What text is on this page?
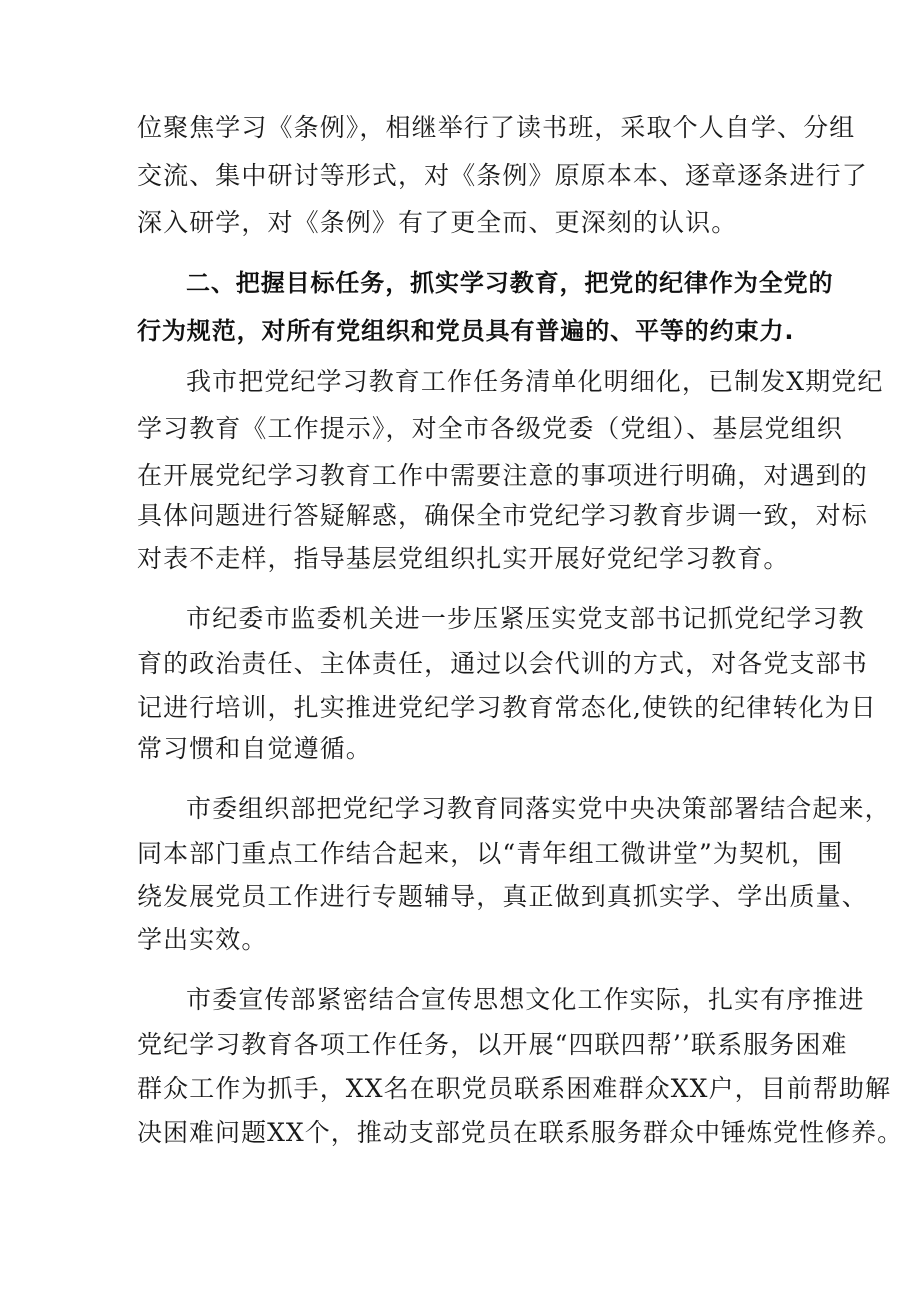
位聚焦学习《条例》，相继举行了读书班，采取个人自学、分组
交流、集中研讨等形式，对《条例》原原本本、逐章逐条进行了
深入研学，对《条例》有了更全而、更深刻的认识。
二、把握目标任务，抓实学习教育，把党的纪律作为全党的
行为规范，对所有党组织和党员具有普遍的、平等的约束力.
我市把党纪学习教育工作任务清单化明细化，已制发X期党纪
学习教育《工作提示》，对全市各级党委（党组）、基层党组织
在开展党纪学习教育工作中需要注意的事项进行明确，对遇到的
具体问题进行答疑解惑，确保全市党纪学习教育步调一致，对标
对表不走样，指导基层党组织扎实开展好党纪学习教育。
市纪委市监委机关进一步压紧压实党支部书记抓党纪学习教
育的政治责任、主体责任，通过以会代训的方式，对各党支部书
记进行培训，扎实推进党纪学习教育常态化,使铁的纪律转化为日
常习惯和自觉遵循。
市委组织部把党纪学习教育同落实党中央决策部署结合起来，
同本部门重点工作结合起来，以“青年组工微讲堂”为契机，围
绕发展党员工作进行专题辅导，真正做到真抓实学、学出质量、
学出实效。
市委宣传部紧密结合宣传思想文化工作实际，扎实有序推进
党纪学习教育各项工作任务，以开展“四联四帮’’联系服务困难
群众工作为抓手，XX名在职党员联系困难群众XX户，目前帮助解
决困难问题XX个，推动支部党员在联系服务群众中锤炼党性修养。
